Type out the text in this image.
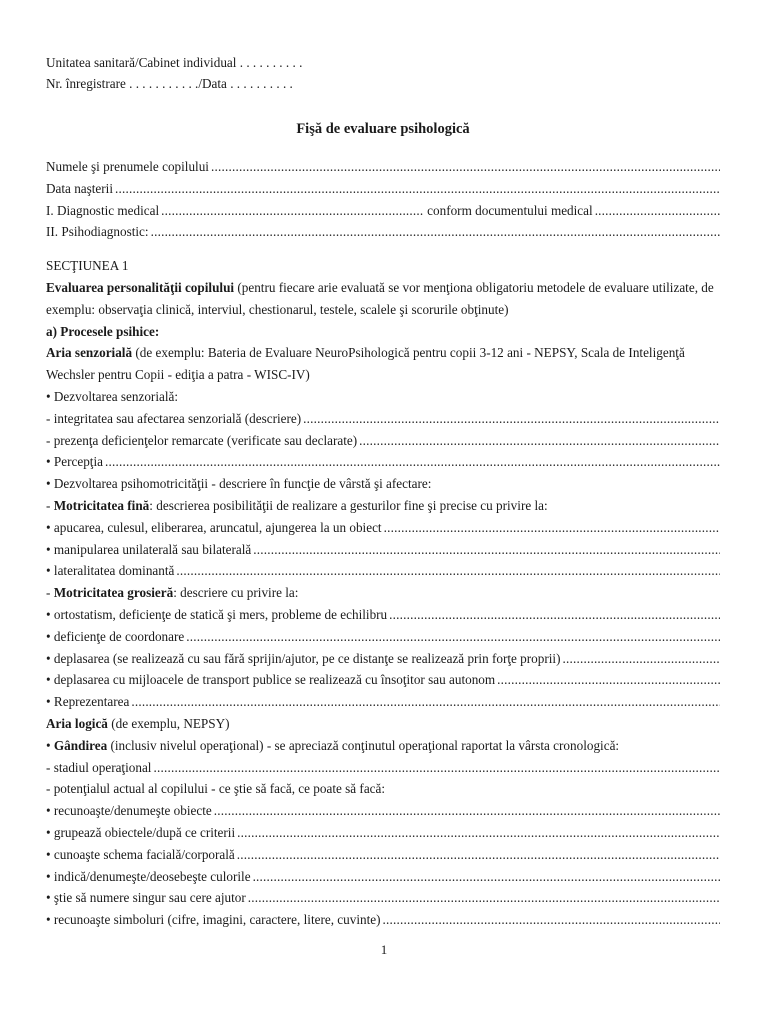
Unitatea sanitară/Cabinet individual . . . . . . . . . .
Nr. înregistrare . . . . . . . . . . ./Data . . . . . . . . . .
Fişă de evaluare psihologică
Numele şi prenumele copilului
.....
Data naşterii
.....
I. Diagnostic medical
.....	conform documentului medical
.....
II. Psihodiagnostic:
.....
SECŢIUNEA 1
Evaluarea personalităţii copilului (pentru fiecare arie evaluată se vor menţiona obligatoriu metodele de evaluare utilizate, de exemplu: observaţia clinică, interviul, chestionarul, testele, scalele şi scorurile obţinute)
a) Procesele psihice:
Aria senzorială (de exemplu: Bateria de Evaluare NeuroPsihologică pentru copii 3-12 ani - NEPSY, Scala de Inteligenţă Wechsler pentru Copii - ediţia a patra - WISC-IV)
• Dezvoltarea senzorială:
- integritatea sau afectarea senzorială (descriere)
.....
- prezenţa deficienţelor remarcate (verificate sau declarate)
.....
• Percepţia
.....
• Dezvoltarea psihomotricităţii - descriere în funcţie de vârstă şi afectare:
- Motricitatea fină: descrierea posibilităţii de realizare a gesturilor fine şi precise cu privire la:
• apucarea, culesul, eliberarea, aruncatul, ajungerea la un obiect
.....
• manipularea unilaterală sau bilaterală
.....
• lateralitatea dominantă
.....
- Motricitatea grosieră: descriere cu privire la:
• ortostatism, deficienţe de statică şi mers, probleme de echilibru
.....
• deficienţe de coordonare
.....
• deplasarea (se realizează cu sau fără sprijin/ajutor, pe ce distanţe se realizează prin forţe proprii)
.....
• deplasarea cu mijloacele de transport publice se realizează cu însoţitor sau autonom
.....
• Reprezentarea
.....
Aria logică (de exemplu, NEPSY)
• Gândirea (inclusiv nivelul operaţional) - se apreciază conţinutul operaţional raportat la vârsta cronologică:
- stadiul operaţional
.....
- potenţialul actual al copilului - ce ştie să facă, ce poate să facă:
• recunoaşte/denumeşte obiecte
.....
• grupează obiectele/după ce criterii
.....
• cunoaşte schema facială/corporală
.....
• indică/denumeşte/deosebeşte culorile
.....
• ştie să numere singur sau cere ajutor
.....
• recunoaşte simboluri (cifre, imagini, caractere, litere, cuvinte)
.....
1
